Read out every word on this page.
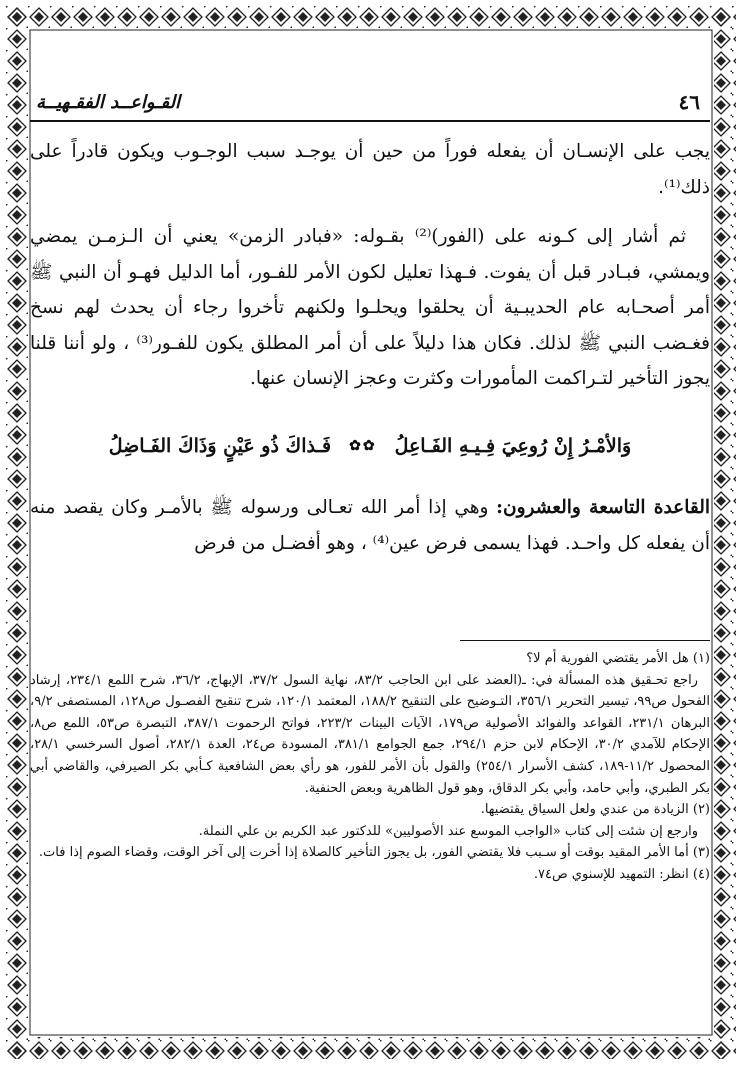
٤٦
القـواعــد الفقـهيــة

يجب على الإنسـان أن يفعله فوراً من حين أن يوجـد سبب الوجـوب ويكون قادراً على ذلك⁽¹⁾.

ثم أشار إلى كـونه على (الفور)⁽²⁾ بقـوله: «فبادر الزمن» يعني أن الـزمـن يمضي ويمشي، فبـادر قبل أن يفوت. فـهذا تعليل لكون الأمر للفـور، أما الدليل فهـو أن النبي ﷺ أمر أصحـابه عام الحديبـية أن يحلقوا ويحلـوا ولكنهم تأخروا رجاء أن يحدث لهم نسخ فغـضب النبي ﷺ لذلك. فكان هذا دليلاً على أن أمر المطلق يكون للفـور⁽³⁾ ، ولو أننا قلنا يجوز التأخير لتـراكمت المأمورات وكثرت وعجز الإنسان عنها.

وَالأمْـرُ إِنْ رُوعِيَ فِـيـهِ الفَـاعِلُ
✿✿
فَـذاكَ ذُو عَيْنٍ وَذَاكَ الفَـاضِلُ

القاعدة التاسعة والعشرون: وهي إذا أمر الله تعـالى ورسوله ﷺ بالأمـر وكان يقصد منه أن يفعله كل واحـد. فهذا يسمى فرض عين⁽⁴⁾ ، وهو أفضـل من فرض

(١) هل الأمر يقتضي الفورية أم لا؟

راجع تحـقيق هذه المسألة في: ـ(العضد على ابن الحاجب ٨٣/٢، نهاية السول ٣٧/٢، الإبهاج، ٣٦/٢، شرح اللمع ٢٣٤/١، إرشاد الفحول ص٩٩، تيسير التحرير ٣٥٦/١، التـوضيح على التنقيح ١٨٨/٢، المعتمد ١٢٠/١، شرح تنقيح الفصـول ص١٢٨، المستصفى ٩/٢، البرهان ٢٣١/١، القواعد والفوائد الأصولية ص١٧٩، الآيات البينات ٢٢٣/٢، فواتح الرحموت ٣٨٧/١، التبصرة ص٥٣، اللمع ص٨، الإحكام للآمدي ٣٠/٢، الإحكام لابن حزم ٢٩٤/١، جمع الجوامع ٣٨١/١، المسودة ص٢٤، العدة ٢٨٢/١، أصول السرخسي ٢٨/١، المحصول ١١/٢-١٨٩، كشف الأسرار ٢٥٤/١) والقول بأن الأمر للفور، هو رأي بعض الشافعية كـأبي بكر الصيرفي، والقاضي أبي بكر الطبري، وأبي حامد، وأبي بكر الدقاق، وهو قول الظاهرية وبعض الحنفية.

(٢) الزيادة من عندي ولعل السياق يقتضيها.

وارجع إن شئت إلى كتاب «الواجب الموسع عند الأصوليين» للدكتور عبد الكريم بن علي النملة.

(٣) أما الأمر المقيد بوقت أو سـبب فلا يقتضي الفور، بل يجوز التأخير كالصلاة إذا أخرت إلى آخر الوقت، وقضاء الصوم إذا فات.

(٤) انظر: التمهيد للإسنوي ص٧٤.
